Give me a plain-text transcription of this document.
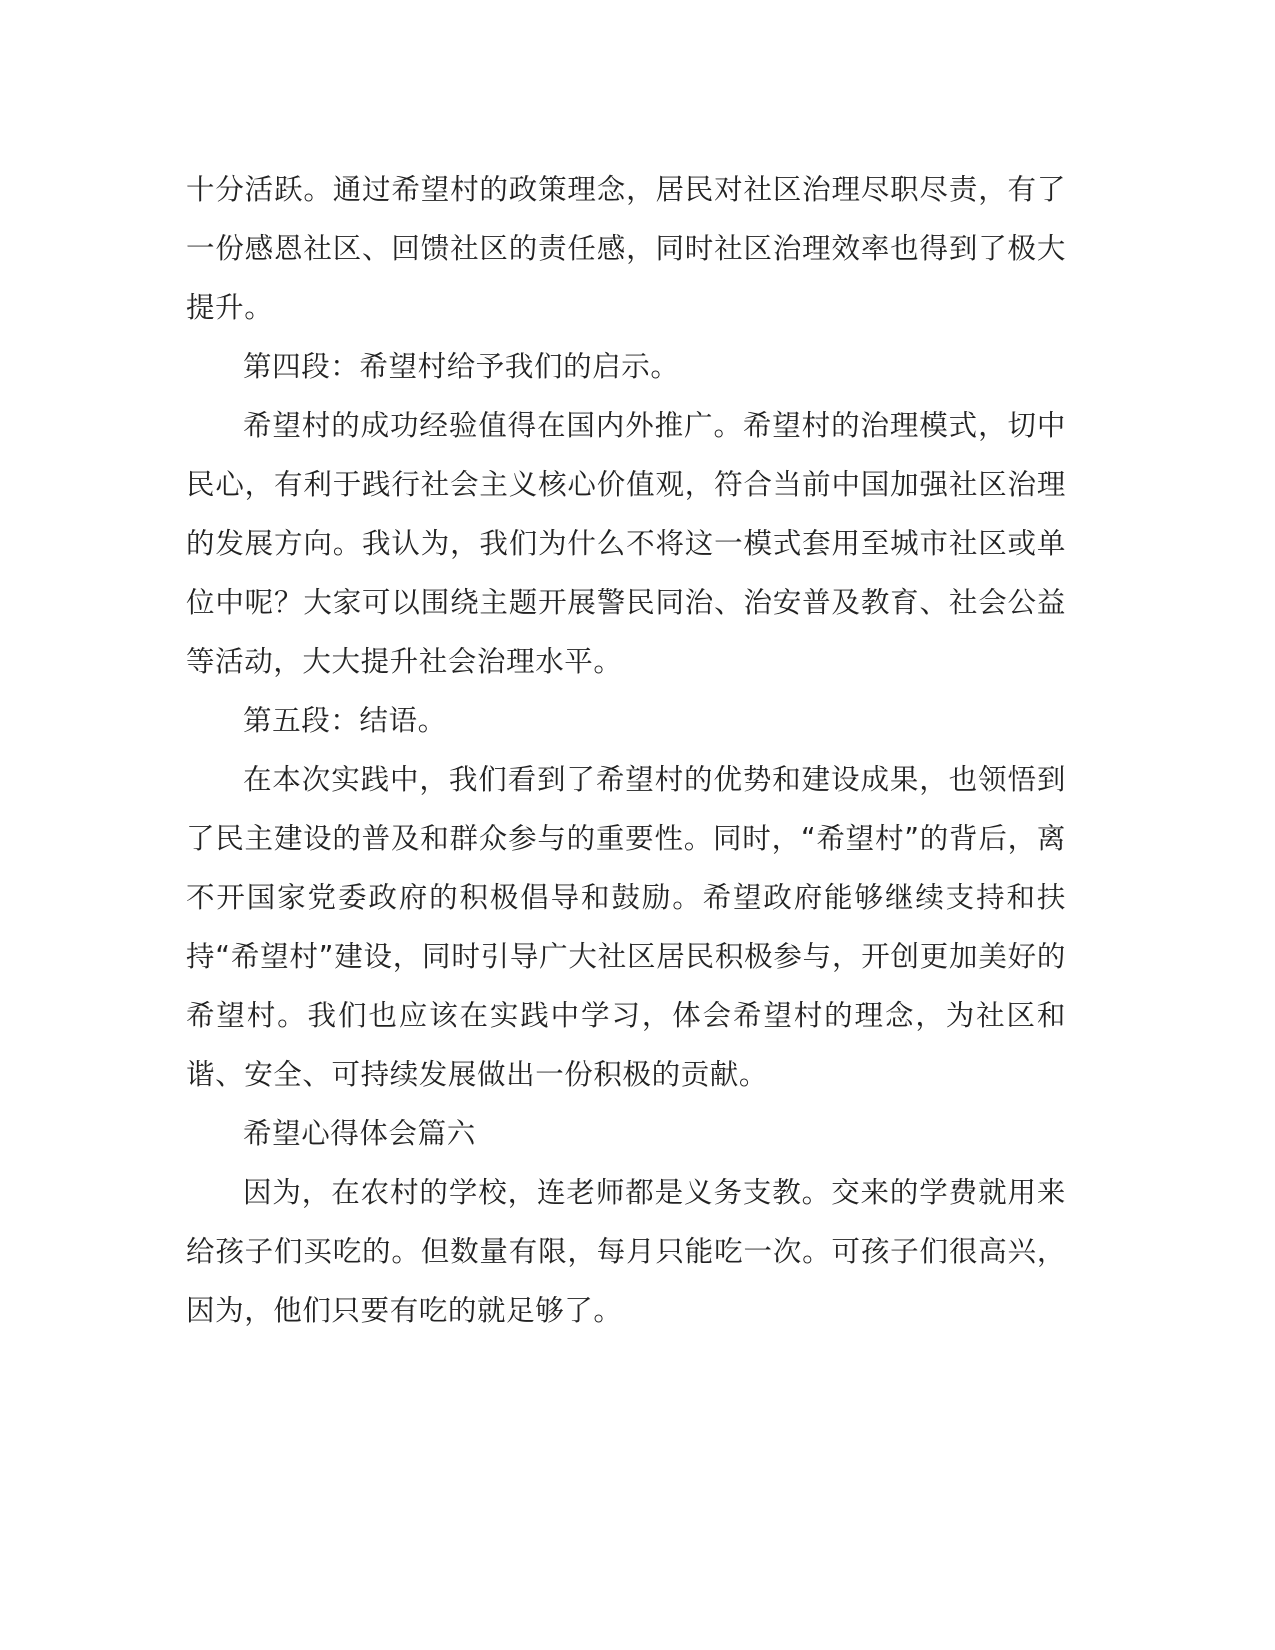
十分活跃。通过希望村的政策理念，居民对社区治理尽职尽责，有了一份感恩社区、回馈社区的责任感，同时社区治理效率也得到了极大提升。

第四段：希望村给予我们的启示。

希望村的成功经验值得在国内外推广。希望村的治理模式，切中民心，有利于践行社会主义核心价值观，符合当前中国加强社区治理的发展方向。我认为，我们为什么不将这一模式套用至城市社区或单位中呢？大家可以围绕主题开展警民同治、治安普及教育、社会公益等活动，大大提升社会治理水平。

第五段：结语。

在本次实践中，我们看到了希望村的优势和建设成果，也领悟到了民主建设的普及和群众参与的重要性。同时，“希望村”的背后，离不开国家党委政府的积极倡导和鼓励。希望政府能够继续支持和扶持“希望村”建设，同时引导广大社区居民积极参与，开创更加美好的希望村。我们也应该在实践中学习，体会希望村的理念，为社区和谐、安全、可持续发展做出一份积极的贡献。

希望心得体会篇六

因为，在农村的学校，连老师都是义务支教。交来的学费就用来给孩子们买吃的。但数量有限，每月只能吃一次。可孩子们很高兴，因为，他们只要有吃的就足够了。
